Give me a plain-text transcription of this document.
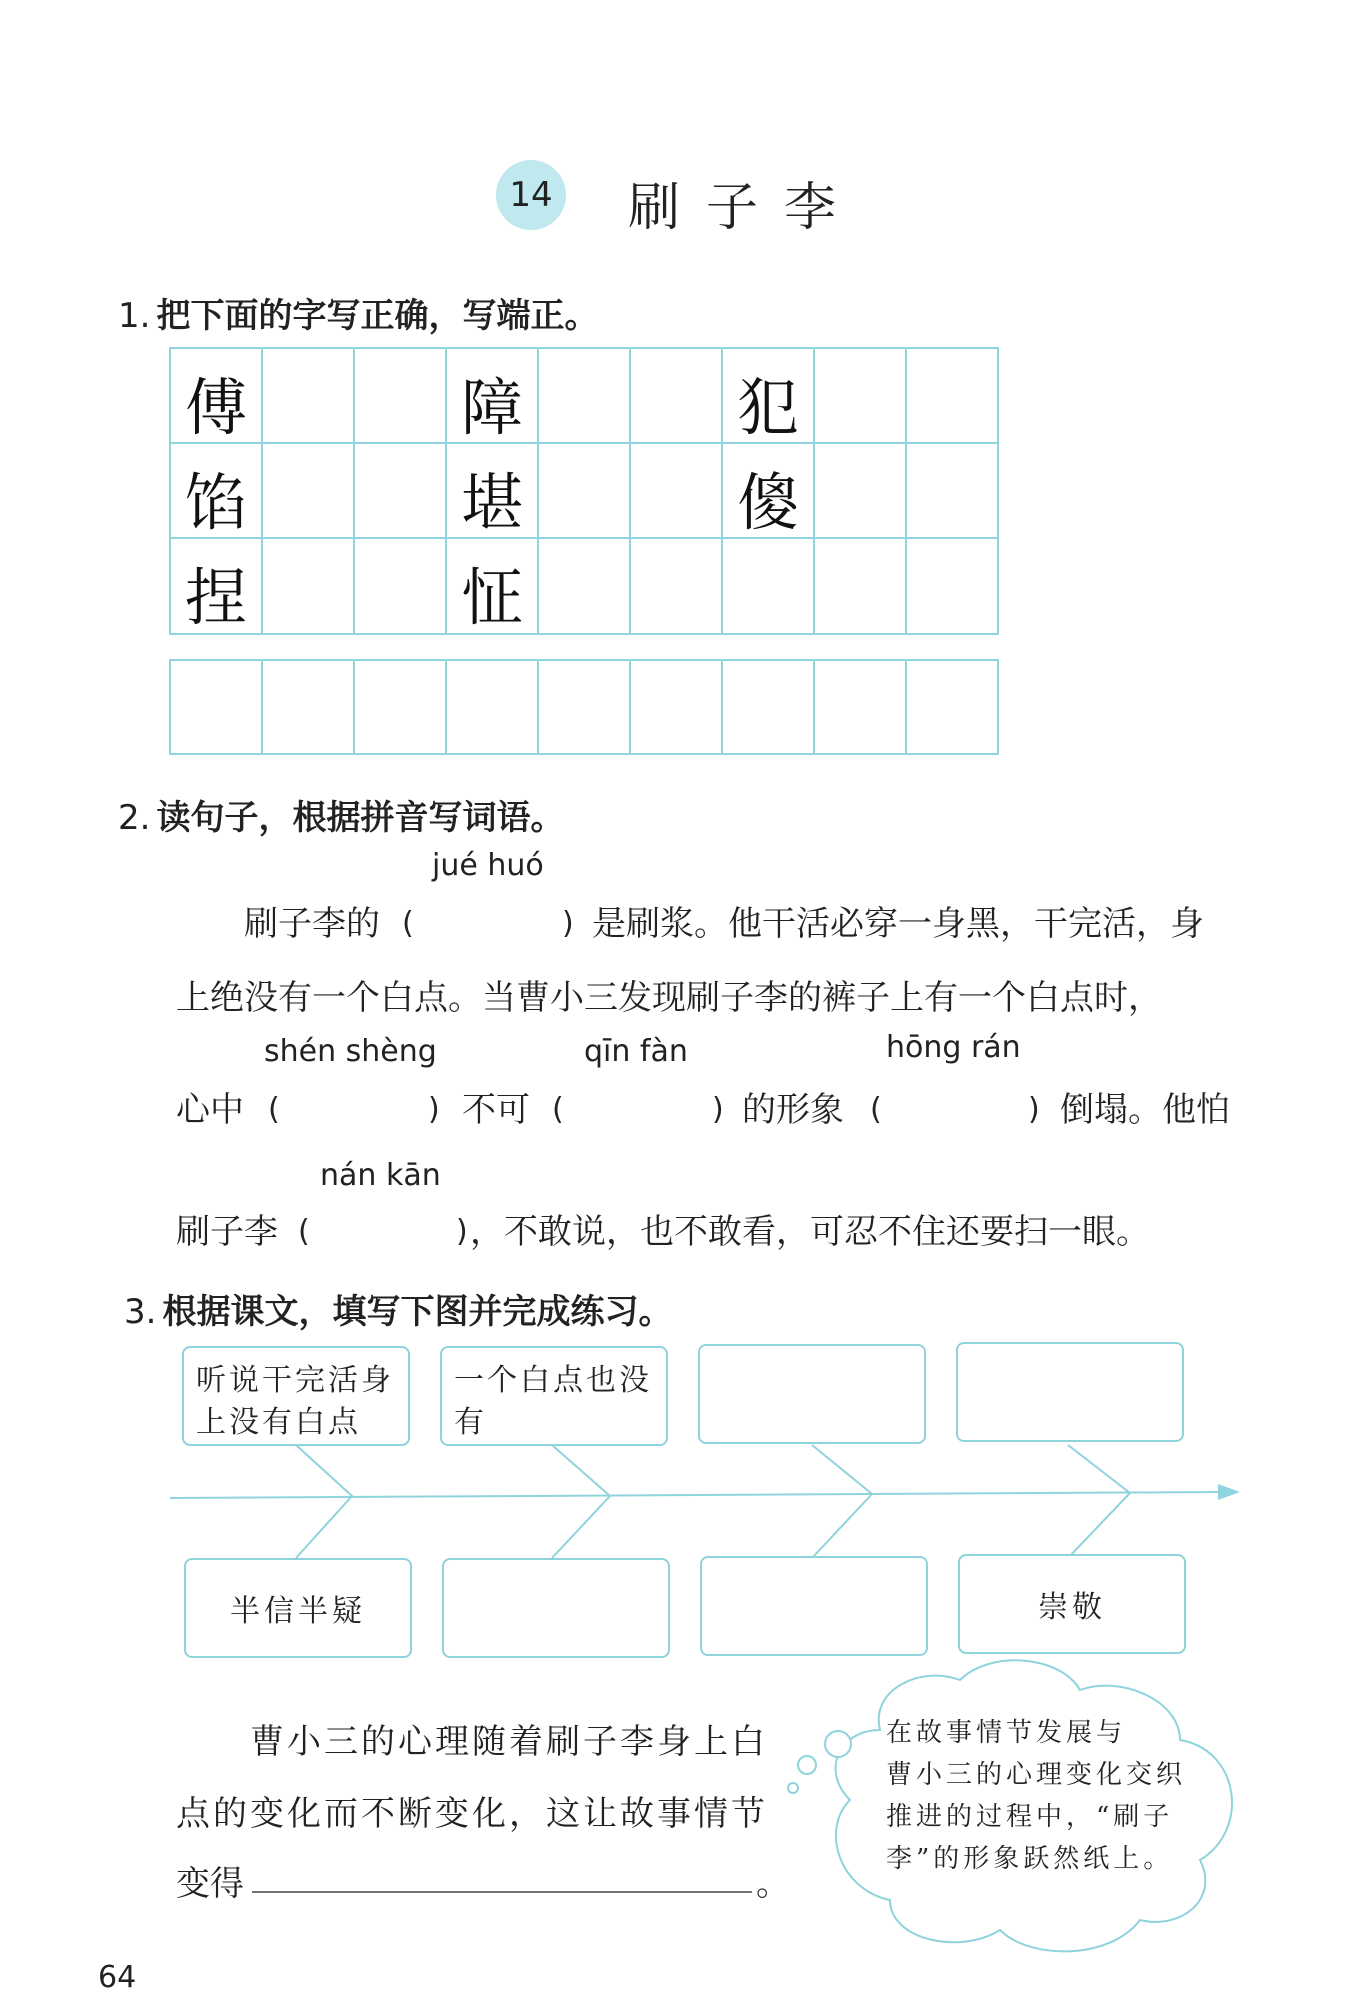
14 刷子李
1. 把下面的字写正确，写端正。
傅	障	犯
馅	堪	傻
捏	怔
2. 读句子，根据拼音写词语。
jué huó
刷子李的 (	) 是刷浆。他干活必穿一身黑，干完活，身
上绝没有一个白点。当曹小三发现刷子李的裤子上有一个白点时，
shén shèng	qīn fàn	hōng rán
心中 (	) 不可 (	) 的形象 (	) 倒塌。他怕
nán kān
刷子李 (	) ，不敢说，也不敢看，可忍不住还要扫一眼。
3. 根据课文，填写下图并完成练习。
听说干完活身上没有白点
一个白点也没有
半信半疑	崇敬
曹小三的心理随着刷子李身上白
点的变化而不断变化，这让故事情节
变得	。
在故事情节发展与
曹小三的心理变化交织
推进的过程中，“刷子
李”的形象跃然纸上。
64
